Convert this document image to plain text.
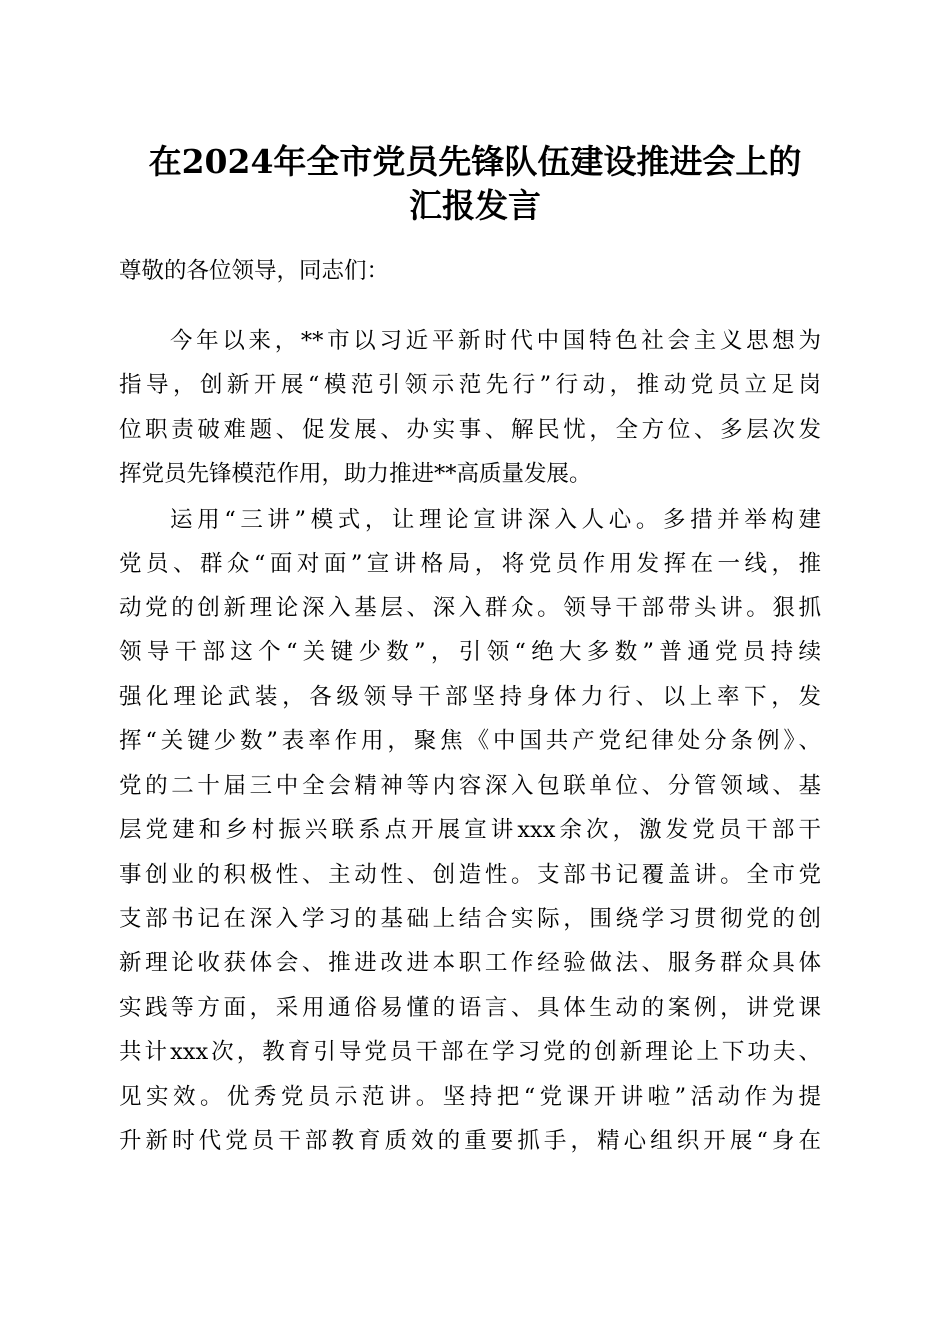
在2024年全市党员先锋队伍建设推进会上的
汇报发言

尊敬的各位领导，同志们：

今年以来，**市以习近平新时代中国特色社会主义思想为

指导，创新开展“模范引领示范先行”行动，推动党员立足岗

位职责破难题、促发展、办实事、解民忧，全方位、多层次发

挥党员先锋模范作用，助力推进**高质量发展。

运用“三讲”模式，让理论宣讲深入人心。多措并举构建

党员、群众“面对面”宣讲格局，将党员作用发挥在一线，推

动党的创新理论深入基层、深入群众。领导干部带头讲。狠抓

领导干部这个“关键少数”，引领“绝大多数”普通党员持续

强化理论武装，各级领导干部坚持身体力行、以上率下，发

挥“关键少数”表率作用，聚焦《中国共产党纪律处分条例》、

党的二十届三中全会精神等内容深入包联单位、分管领域、基

层党建和乡村振兴联系点开展宣讲xxx余次，激发党员干部干

事创业的积极性、主动性、创造性。支部书记覆盖讲。全市党

支部书记在深入学习的基础上结合实际，围绕学习贯彻党的创

新理论收获体会、推进改进本职工作经验做法、服务群众具体

实践等方面，采用通俗易懂的语言、具体生动的案例，讲党课

共计xxx次，教育引导党员干部在学习党的创新理论上下功夫、

见实效。优秀党员示范讲。坚持把“党课开讲啦”活动作为提

升新时代党员干部教育质效的重要抓手，精心组织开展“身在
